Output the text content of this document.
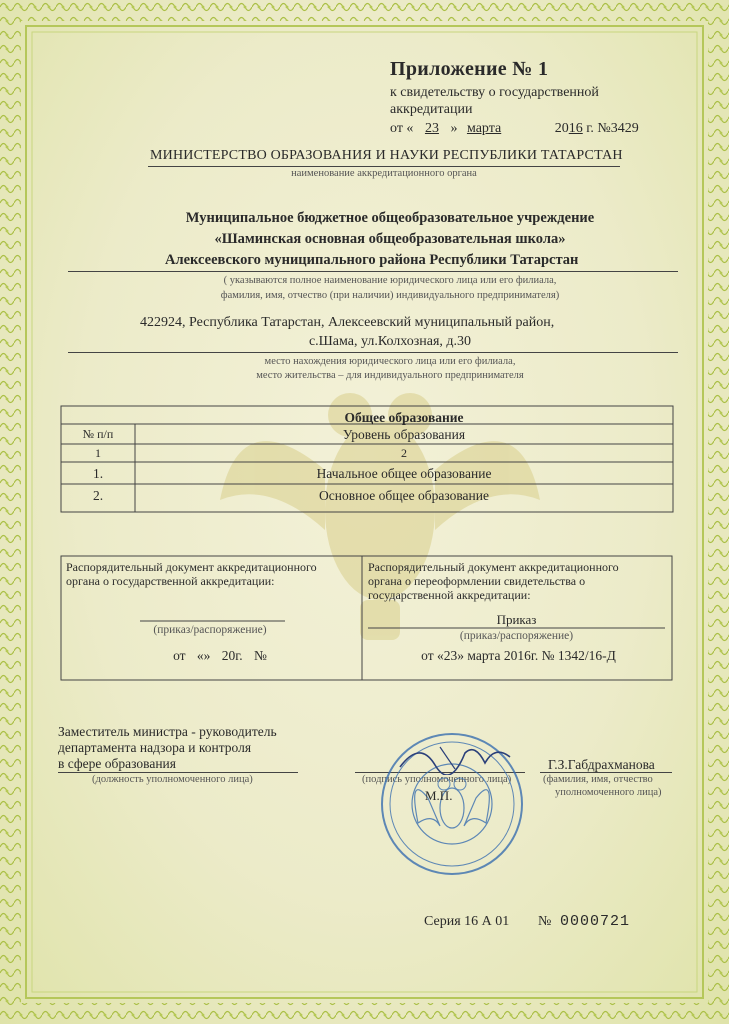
Приложение № 1
к свидетельству о государственной
аккредитации
от « 23 » марта	2016 г. №3429
МИНИСТЕРСТВО ОБРАЗОВАНИЯ И НАУКИ РЕСПУБЛИКИ ТАТАРСТАН
наименование аккредитационного органа
Муниципальное бюджетное общеобразовательное учреждение
«Шаминская основная общеобразовательная школа»
Алексеевского муниципального района Республики Татарстан
( указываются полное наименование юридического лица или его филиала,
фамилия, имя, отчество (при наличии) индивидуального предпринимателя)
422924, Республика Татарстан, Алексеевский муниципальный район,
с.Шама, ул.Колхозная, д.30
место нахождения юридического лица или его филиала,
место жительства – для индивидуального предпринимателя
Общее образование
№ п/п	Уровень образования
1	2
1.	Начальное общее образование
2.	Основное общее образование
Распорядительный документ аккредитационного
органа о государственной аккредитации:
(приказ/распоряжение)
от «» 20г. №
Распорядительный документ аккредитационного
органа о переоформлении свидетельства о
государственной аккредитации:
Приказ
(приказ/распоряжение)
от «23» марта 2016г. № 1342/16-Д
Заместитель министра - руководитель
департамента надзора и контроля
в сфере образования
(должность уполномоченного лица)	(подпись уполномоченного лица)
Г.З.Габдрахманова
(фамилия, имя, отчество
уполномоченного лица)
М.П.
Серия 16 А 01 № 0000721
